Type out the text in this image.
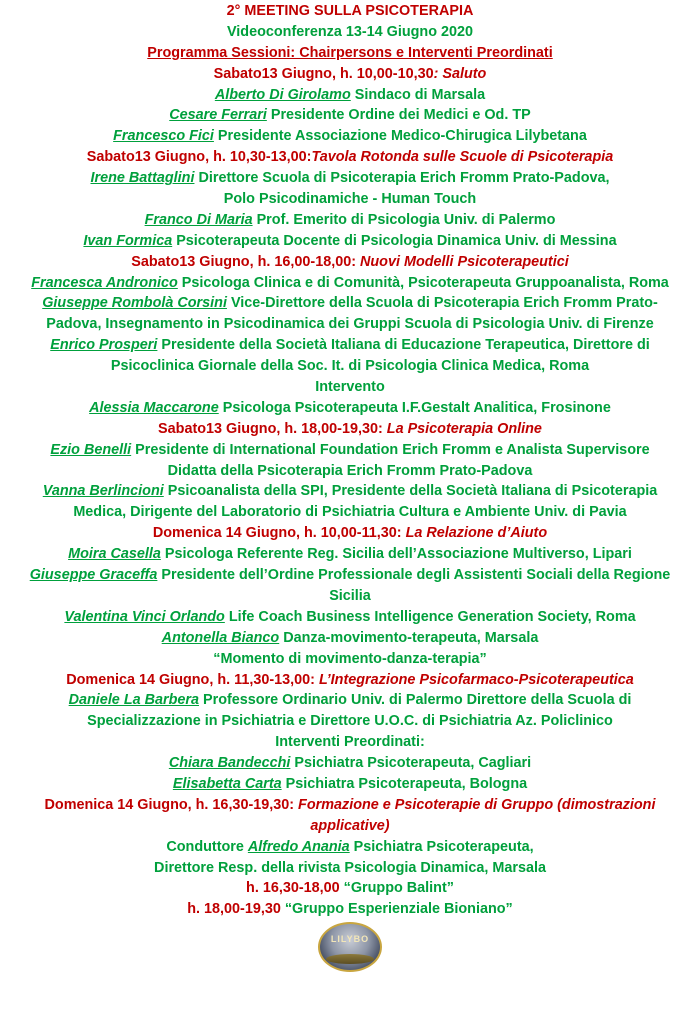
2° MEETING SULLA PSICOTERAPIA
Videoconferenza 13-14 Giugno 2020
Programma Sessioni: Chairpersons e Interventi Preordinati
Sabato13 Giugno, h. 10,00-10,30: Saluto
Alberto Di Girolamo Sindaco di Marsala
Cesare Ferrari Presidente Ordine dei Medici e Od. TP
Francesco Fici Presidente Associazione Medico-Chirugica Lilybetana
Sabato13 Giugno, h. 10,30-13,00:Tavola Rotonda sulle Scuole di Psicoterapia
Irene Battaglini Direttore Scuola di Psicoterapia Erich Fromm Prato-Padova,
Polo Psicodinamiche - Human Touch
Franco Di Maria Prof. Emerito di Psicologia Univ. di Palermo
Ivan Formica Psicoterapeuta Docente di Psicologia Dinamica Univ. di Messina
Sabato13 Giugno, h. 16,00-18,00: Nuovi Modelli Psicoterapeutici
Francesca Andronico Psicologa Clinica e di Comunità, Psicoterapeuta Gruppoanalista, Roma
Giuseppe Rombolà Corsini Vice-Direttore della Scuola di Psicoterapia Erich Fromm Prato-
Padova, Insegnamento in Psicodinamica dei Gruppi Scuola di Psicologia Univ. di Firenze
Enrico Prosperi Presidente della Società Italiana di Educazione Terapeutica, Direttore di
Psicoclinica Giornale della Soc. It. di Psicologia Clinica Medica, Roma
Intervento
Alessia Maccarone Psicologa Psicoterapeuta I.F.Gestalt Analitica, Frosinone
Sabato13 Giugno, h. 18,00-19,30: La Psicoterapia Online
Ezio Benelli Presidente di International Foundation Erich Fromm e Analista Supervisore
Didatta della Psicoterapia Erich Fromm Prato-Padova
Vanna Berlincioni Psicoanalista della SPI, Presidente della Società Italiana di Psicoterapia
Medica, Dirigente del Laboratorio di Psichiatria Cultura e Ambiente Univ. di Pavia
Domenica 14 Giugno, h. 10,00-11,30: La Relazione d’Aiuto
Moira Casella Psicologa Referente Reg. Sicilia dell’Associazione Multiverso, Lipari
Giuseppe Graceffa Presidente dell’Ordine Professionale degli Assistenti Sociali della Regione
Sicilia
Valentina Vinci Orlando Life Coach Business Intelligence Generation Society, Roma
Antonella Bianco Danza-movimento-terapeuta, Marsala
“Momento di movimento-danza-terapia”
Domenica 14 Giugno, h. 11,30-13,00: L’Integrazione Psicofarmaco-Psicoterapeutica
Daniele La Barbera Professore Ordinario Univ. di Palermo Direttore della Scuola di
Specializzazione in Psichiatria e Direttore U.O.C. di Psichiatria Az. Policlinico
Interventi Preordinati:
Chiara Bandecchi Psichiatra Psicoterapeuta, Cagliari
Elisabetta Carta Psichiatra Psicoterapeuta, Bologna
Domenica 14 Giugno, h. 16,30-19,30: Formazione e Psicoterapie di Gruppo (dimostrazioni
applicative)
Conduttore Alfredo Anania Psichiatra Psicoterapeuta,
Direttore Resp. della rivista Psicologia Dinamica, Marsala
h. 16,30-18,00 “Gruppo Balint”
h. 18,00-19,30 “Gruppo Esperienziale Bioniano”
LILYBO
